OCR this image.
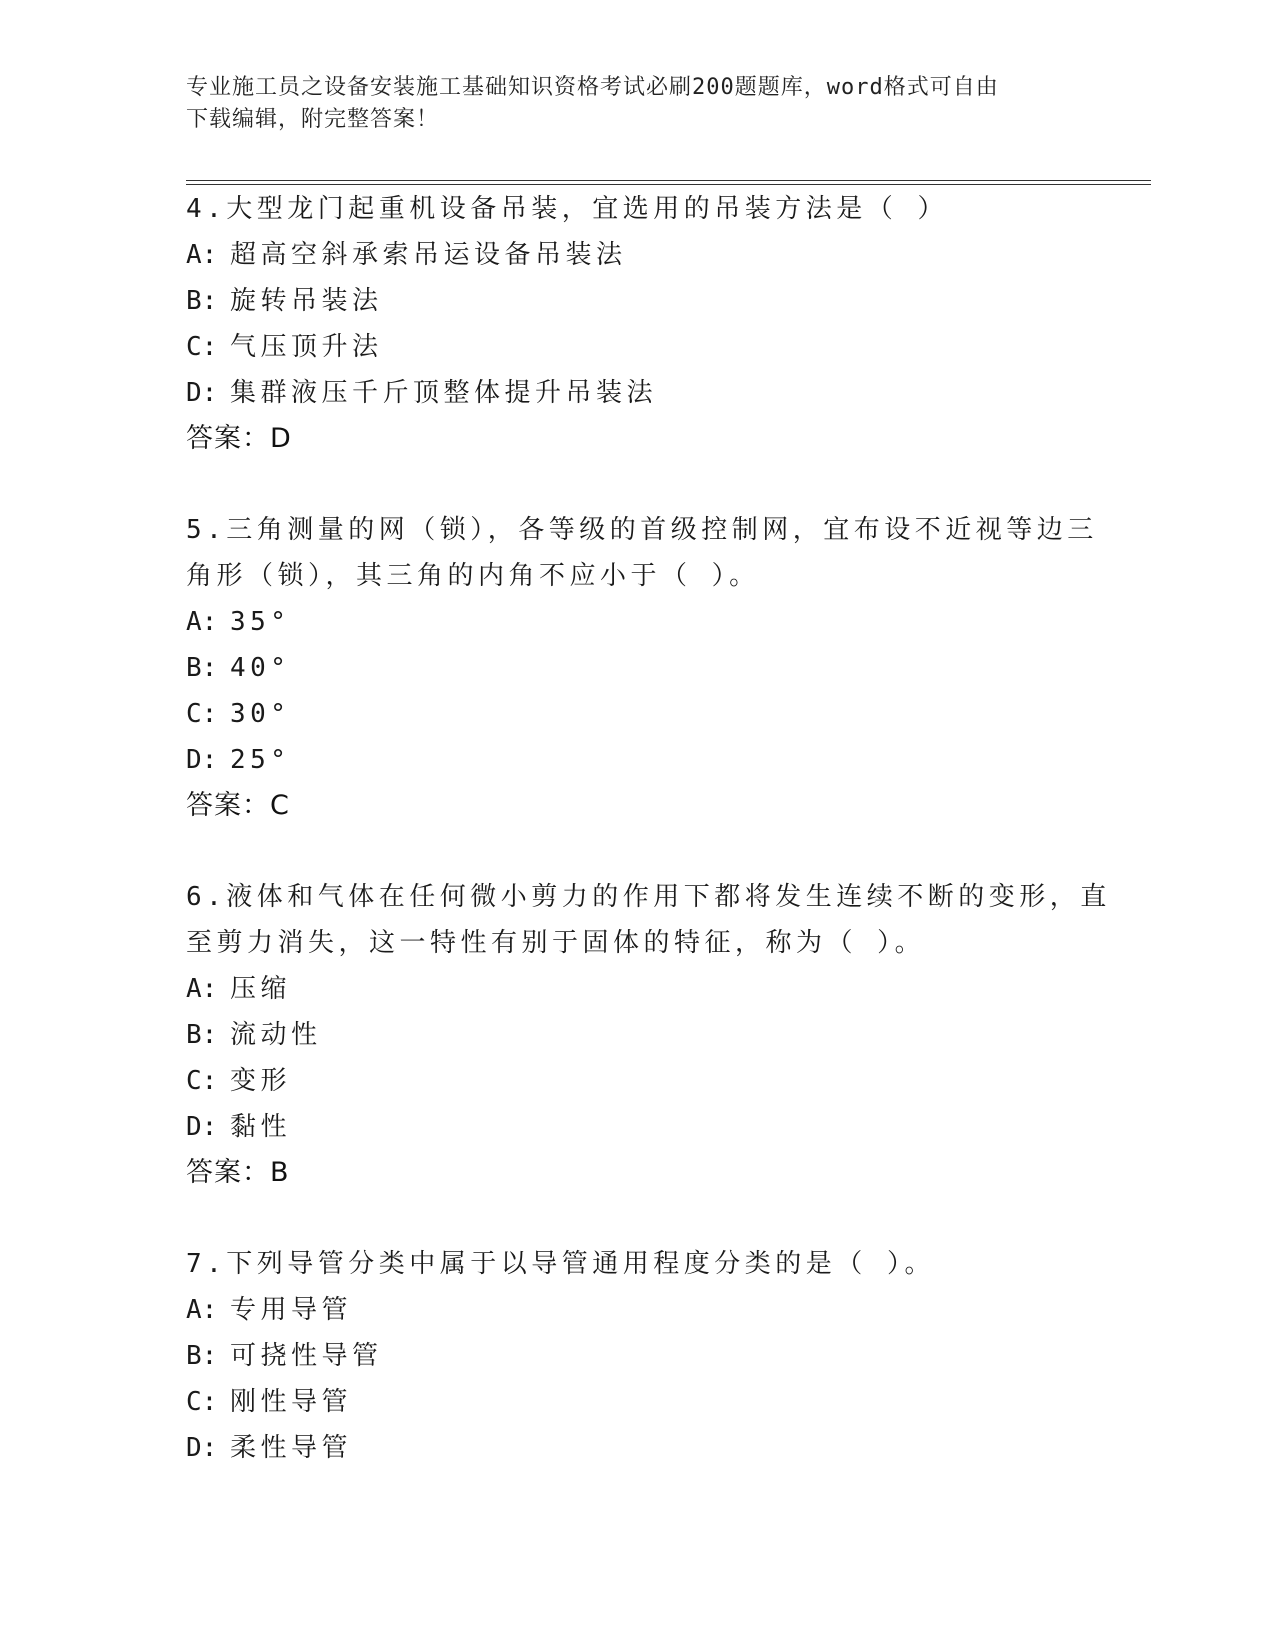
专业施工员之设备安装施工基础知识资格考试必刷200题题库，word格式可自由
下载编辑，附完整答案！
4.大型龙门起重机设备吊装，宜选用的吊装方法是（ ）
A: 超高空斜承索吊运设备吊装法
B: 旋转吊装法
C: 气压顶升法
D: 集群液压千斤顶整体提升吊装法
答案：D
5.三角测量的网（锁），各等级的首级控制网，宜布设不近视等边三
角形（锁），其三角的内角不应小于（ ）。
A: 35°
B: 40°
C: 30°
D: 25°
答案：C
6.液体和气体在任何微小剪力的作用下都将发生连续不断的变形，直
至剪力消失，这一特性有别于固体的特征，称为（ ）。
A: 压缩
B: 流动性
C: 变形
D: 黏性
答案：B
7.下列导管分类中属于以导管通用程度分类的是（ ）。
A: 专用导管
B: 可挠性导管
C: 刚性导管
D: 柔性导管
